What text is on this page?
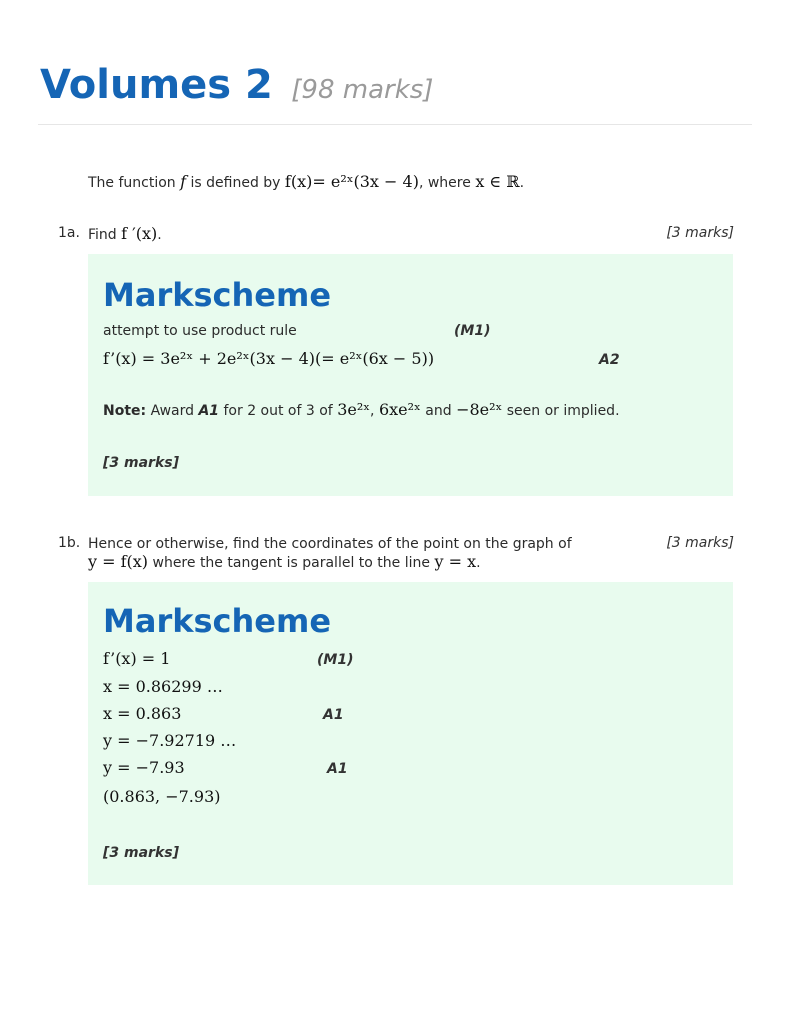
Volumes 2 [98 marks]
The function f is defined by f(x)= e²ˣ(3x − 4), where x ∈ ℝ.
1a. Find f ′(x).	[3 marks]
Markscheme
attempt to use product rule	(M1)
f’(x) = 3e²ˣ + 2e²ˣ(3x − 4)(= e²ˣ(6x − 5))	A2
Note: Award A1 for 2 out of 3 of 3e²ˣ, 6xe²ˣ and −8e²ˣ seen or implied.
[3 marks]
1b. Hence or otherwise, find the coordinates of the point on the graph of
y = f(x) where the tangent is parallel to the line y = x.
[3 marks]
Markscheme
f’(x) = 1	(M1)
x = 0.86299 …
x = 0.863	A1
y = −7.92719 …
y = −7.93	A1
(0.863, −7.93)
[3 marks]
